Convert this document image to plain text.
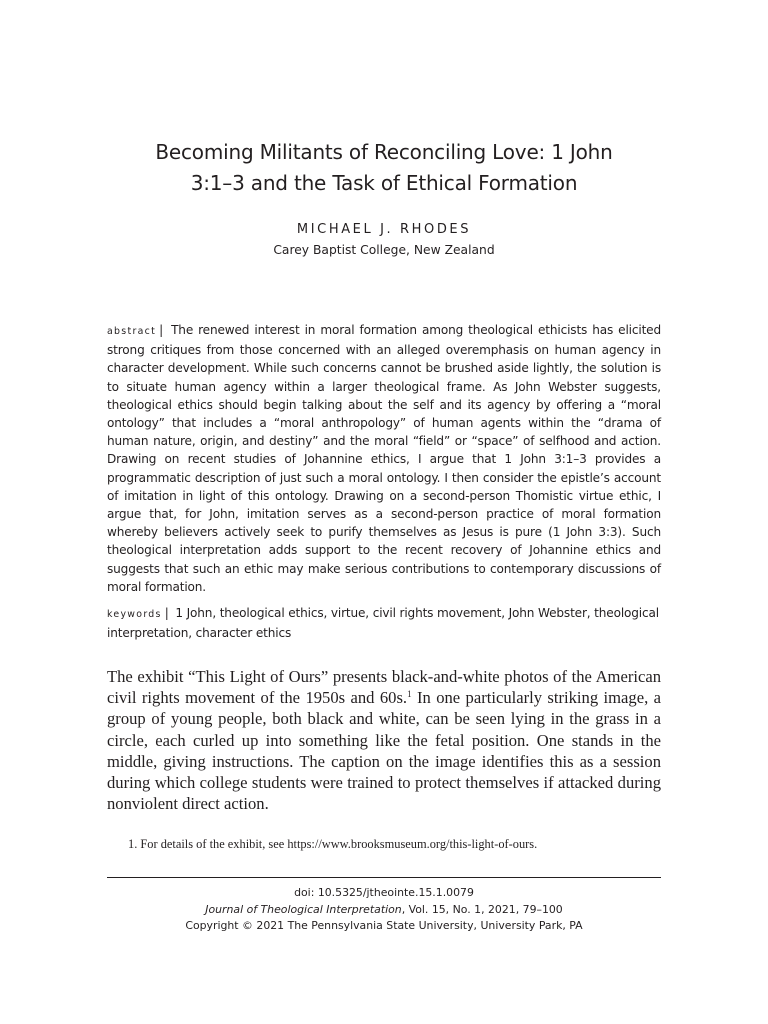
Becoming Militants of Reconciling Love: 1 John
3:1–3 and the Task of Ethical Formation
MICHAEL J. RHODES
Carey Baptist College, New Zealand

abstract | The renewed interest in moral formation among theological ethicists has elicited strong critiques from those concerned with an alleged overemphasis on human agency in character development. While such concerns cannot be brushed aside lightly, the solution is to situate human agency within a larger theological frame. As John Webster suggests, theological ethics should begin talking about the self and its agency by offering a “moral ontology” that includes a “moral anthropology” of human agents within the “drama of human nature, origin, and destiny” and the moral “field” or “space” of selfhood and action. Drawing on recent studies of Johannine ethics, I argue that 1 John 3:1–3 provides a programmatic description of just such a moral ontology. I then consider the epistle’s account of imitation in light of this ontology. Drawing on a second-person Thomistic virtue ethic, I argue that, for John, imitation serves as a second-person practice of moral formation whereby believers actively seek to purify themselves as Jesus is pure (1 John 3:3). Such theological interpretation adds support to the recent recovery of Johannine ethics and suggests that such an ethic may make serious contributions to contemporary discussions of moral formation.

keywords | 1 John, theological ethics, virtue, civil rights movement, John Webster, theological interpretation, character ethics

The exhibit “This Light of Ours” presents black-and-white photos of the American civil rights movement of the 1950s and 60s.$^1$ In one particularly striking image, a group of young people, both black and white, can be seen lying in the grass in a circle, each curled up into something like the fetal position. One stands in the middle, giving instructions. The caption on the image identifies this as a session during which college students were trained to protect themselves if attacked during nonviolent direct action.

1. For details of the exhibit, see https://www.brooksmuseum.org/this-light-of-ours.

doi: 10.5325/jtheointe.15.1.0079
Journal of Theological Interpretation, Vol. 15, No. 1, 2021, 79–100
Copyright © 2021 The Pennsylvania State University, University Park, PA
